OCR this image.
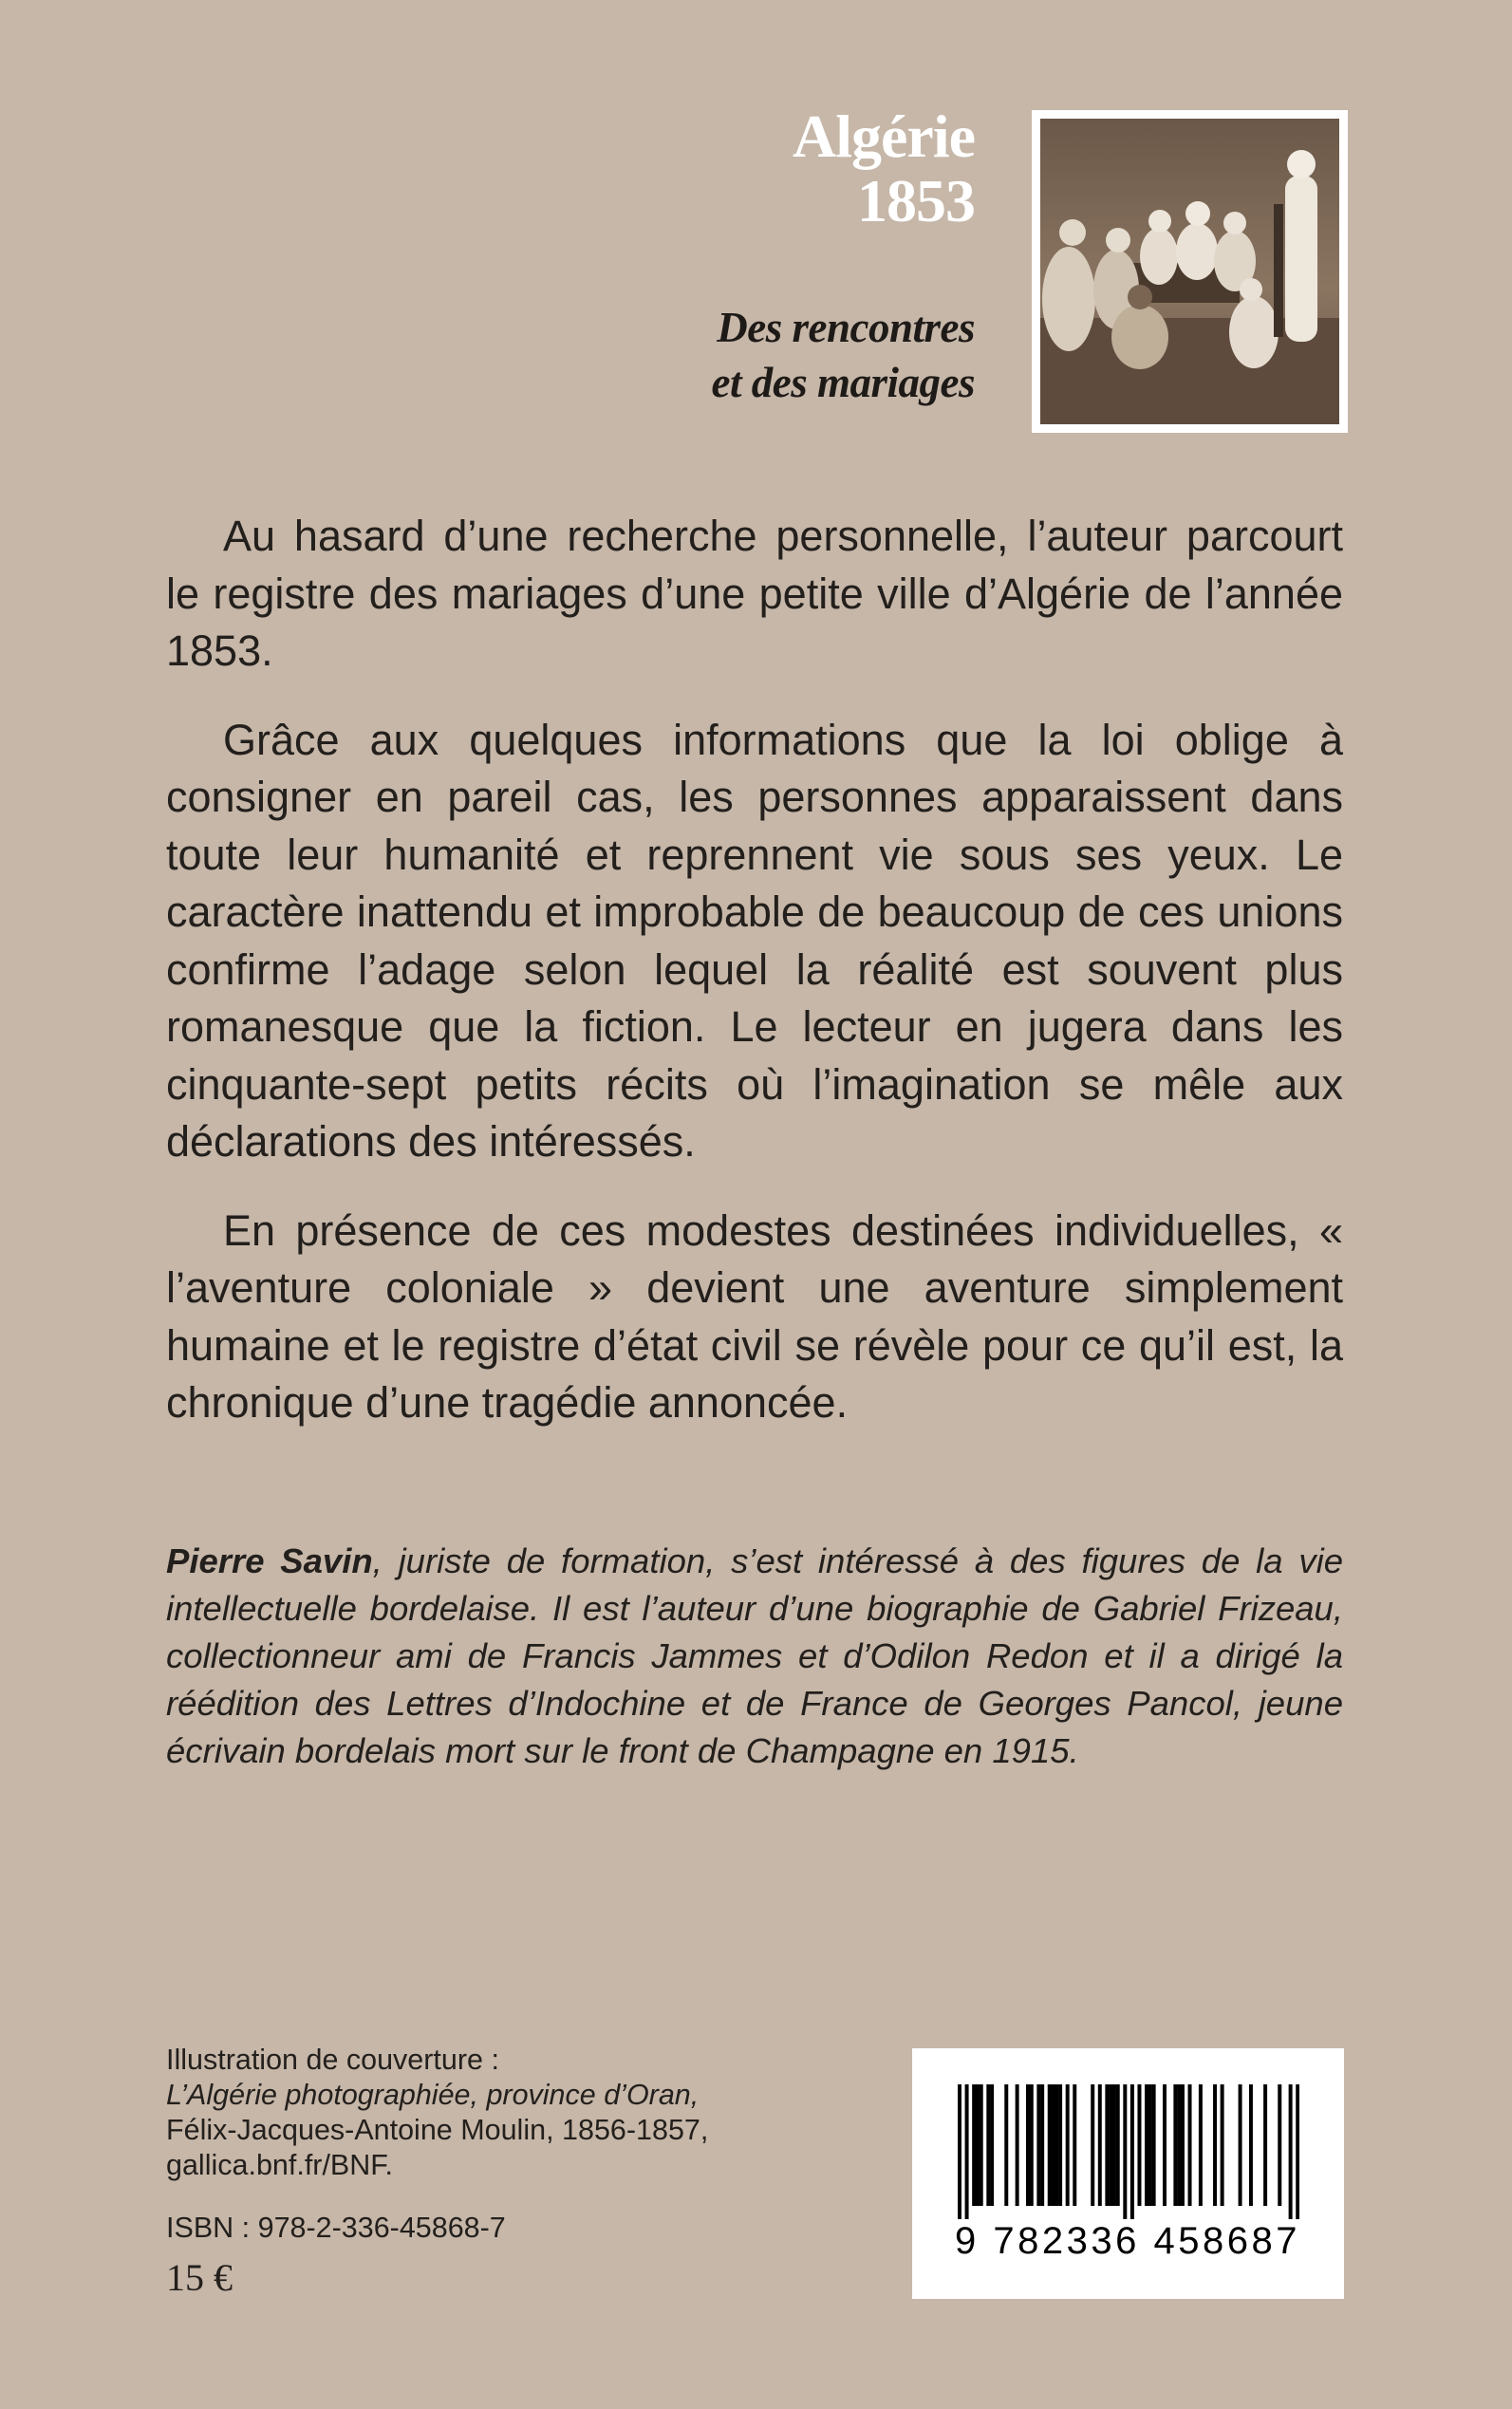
Algérie
1853
Des rencontres
et des mariages

Au hasard d’une recherche personnelle, l’auteur parcourt le registre des mariages d’une petite ville d’Algérie de l’année 1853.

Grâce aux quelques informations que la loi oblige à consigner en pareil cas, les personnes apparaissent dans toute leur humanité et reprennent vie sous ses yeux. Le caractère inattendu et improbable de beaucoup de ces unions confirme l’adage selon lequel la réalité est souvent plus romanesque que la fiction. Le lecteur en jugera dans les cinquante-sept petits récits où l’imagination se mêle aux déclarations des intéressés.

En présence de ces modestes destinées individuelles, « l’aventure coloniale » devient une aventure simplement humaine et le registre d’état civil se révèle pour ce qu’il est, la chronique d’une tragédie annoncée.

Pierre Savin, juriste de formation, s’est intéressé à des figures de la vie intellectuelle bordelaise. Il est l’auteur d’une biographie de Gabriel Frizeau, collectionneur ami de Francis Jammes et d’Odilon Redon et il a dirigé la réédition des Lettres d’Indochine et de France de Georges Pancol, jeune écrivain bordelais mort sur le front de Champagne en 1915.

Illustration de couverture :
L’Algérie photographiée, province d’Oran,
Félix-Jacques-Antoine Moulin, 1856-1857,
gallica.bnf.fr/BNF.
ISBN : 978-2-336-45868-7
15 €
9 782336 458687
